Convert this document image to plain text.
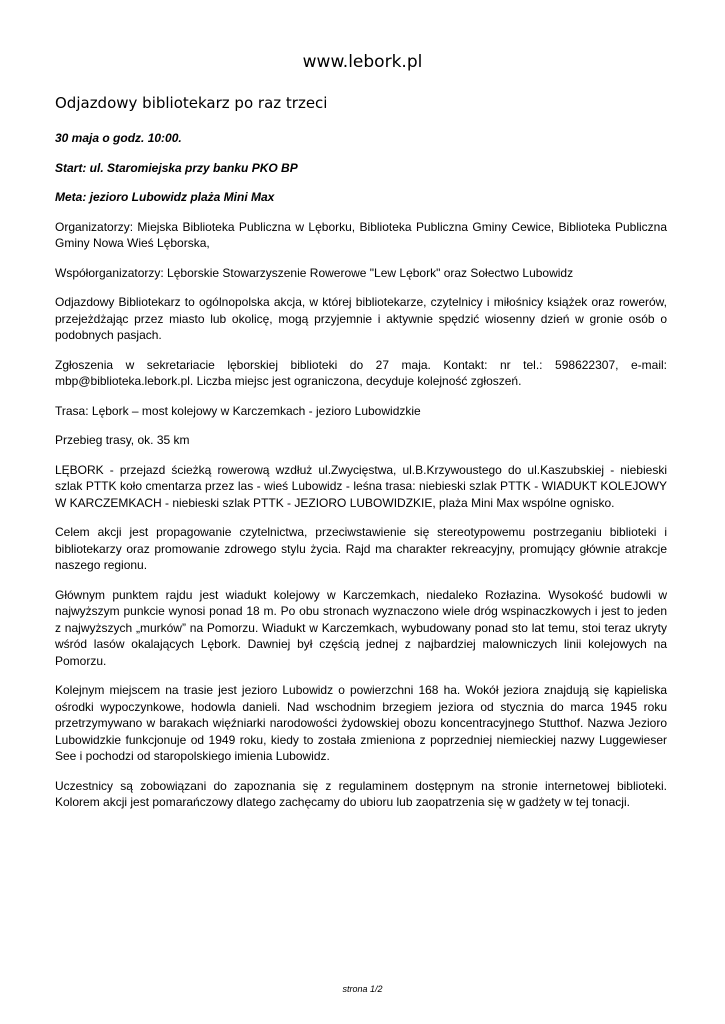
www.lebork.pl
Odjazdowy bibliotekarz po raz trzeci

30 maja o godz. 10:00.

Start: ul. Staromiejska przy banku PKO BP

Meta: jezioro Lubowidz plaża Mini Max

Organizatorzy: Miejska Biblioteka Publiczna w Lęborku, Biblioteka Publiczna Gminy Cewice, Biblioteka Publiczna Gminy Nowa Wieś Lęborska,

Współorganizatorzy: Lęborskie Stowarzyszenie Rowerowe "Lew Lębork" oraz Sołectwo Lubowidz

Odjazdowy Bibliotekarz to ogólnopolska akcja, w której bibliotekarze, czytelnicy i miłośnicy książek oraz rowerów, przejeżdżając przez miasto lub okolicę, mogą przyjemnie i aktywnie spędzić wiosenny dzień w gronie osób o podobnych pasjach.

Zgłoszenia w sekretariacie lęborskiej biblioteki do 27 maja. Kontakt: nr tel.: 598622307, e-mail: mbp@biblioteka.lebork.pl. Liczba miejsc jest ograniczona, decyduje kolejność zgłoszeń.

Trasa: Lębork – most kolejowy w Karczemkach - jezioro Lubowidzkie

Przebieg trasy, ok. 35 km

LĘBORK - przejazd ścieżką rowerową wzdłuż ul.Zwycięstwa, ul.B.Krzywoustego do ul.Kaszubskiej - niebieski szlak PTTK koło cmentarza przez las - wieś Lubowidz - leśna trasa: niebieski szlak PTTK - WIADUKT KOLEJOWY W KARCZEMKACH - niebieski szlak PTTK - JEZIORO LUBOWIDZKIE, plaża Mini Max wspólne ognisko.

Celem akcji jest propagowanie czytelnictwa, przeciwstawienie się stereotypowemu postrzeganiu biblioteki i bibliotekarzy oraz promowanie zdrowego stylu życia. Rajd ma charakter rekreacyjny, promujący głównie atrakcje naszego regionu.

Głównym punktem rajdu jest wiadukt kolejowy w Karczemkach, niedaleko Rozłazina. Wysokość budowli w najwyższym punkcie wynosi ponad 18 m. Po obu stronach wyznaczono wiele dróg wspinaczkowych i jest to jeden z najwyższych „murków” na Pomorzu. Wiadukt w Karczemkach, wybudowany ponad sto lat temu, stoi teraz ukryty wśród lasów okalających Lębork. Dawniej był częścią jednej z najbardziej malowniczych linii kolejowych na Pomorzu.

Kolejnym miejscem na trasie jest jezioro Lubowidz o powierzchni 168 ha. Wokół jeziora znajdują się kąpieliska ośrodki wypoczynkowe, hodowla danieli. Nad wschodnim brzegiem jeziora od stycznia do marca 1945 roku przetrzymywano w barakach więźniarki narodowości żydowskiej obozu koncentracyjnego Stutthof. Nazwa Jezioro Lubowidzkie funkcjonuje od 1949 roku, kiedy to została zmieniona z poprzedniej niemieckiej nazwy Luggewieser See i pochodzi od staropolskiego imienia Lubowidz.

Uczestnicy są zobowiązani do zapoznania się z regulaminem dostępnym na stronie internetowej biblioteki. Kolorem akcji jest pomarańczowy dlatego zachęcamy do ubioru lub zaopatrzenia się w gadżety w tej tonacji.

strona 1/2
